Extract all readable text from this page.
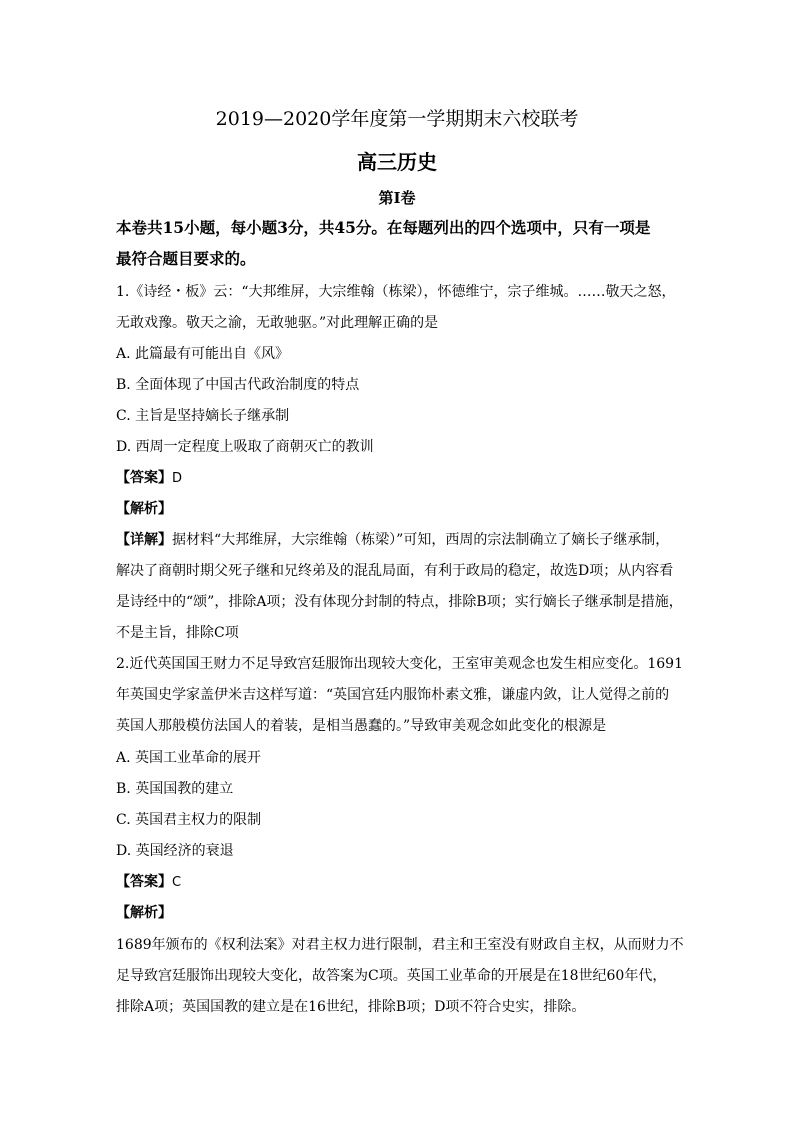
2019—2020学年度第一学期期末六校联考
高三历史
第I卷
本卷共15小题，每小题3分，共45分。在每题列出的四个选项中，只有一项是
最符合题目要求的。
1.《诗经・板》云：“大邦维屏，大宗维翰（栋梁），怀德维宁，宗子维城。……敬天之怒，
无敢戏豫。敬天之渝，无敢驰驱。”对此理解正确的是
A. 此篇最有可能出自《风》
B. 全面体现了中国古代政治制度的特点
C. 主旨是坚持嫡长子继承制
D. 西周一定程度上吸取了商朝灭亡的教训
【答案】D
【解析】
【详解】据材料“大邦维屏，大宗维翰（栋梁）”可知，西周的宗法制确立了嫡长子继承制，
解决了商朝时期父死子继和兄终弟及的混乱局面，有利于政局的稳定，故选D项；从内容看
是诗经中的“颂”，排除A项；没有体现分封制的特点，排除B项；实行嫡长子继承制是措施，
不是主旨，排除C项
2.近代英国国王财力不足导致宫廷服饰出现较大变化，王室审美观念也发生相应变化。1691
年英国史学家盖伊米吉这样写道：“英国宫廷内服饰朴素文雅，谦虚内敛，让人觉得之前的
英国人那般模仿法国人的着装，是相当愚蠢的。”导致审美观念如此变化的根源是
A. 英国工业革命的展开
B. 英国国教的建立
C. 英国君主权力的限制
D. 英国经济的衰退
【答案】C
【解析】
1689年颁布的《权利法案》对君主权力进行限制，君主和王室没有财政自主权，从而财力不
足导致宫廷服饰出现较大变化，故答案为C项。英国工业革命的开展是在18世纪60年代，
排除A项；英国国教的建立是在16世纪，排除B项；D项不符合史实，排除。
